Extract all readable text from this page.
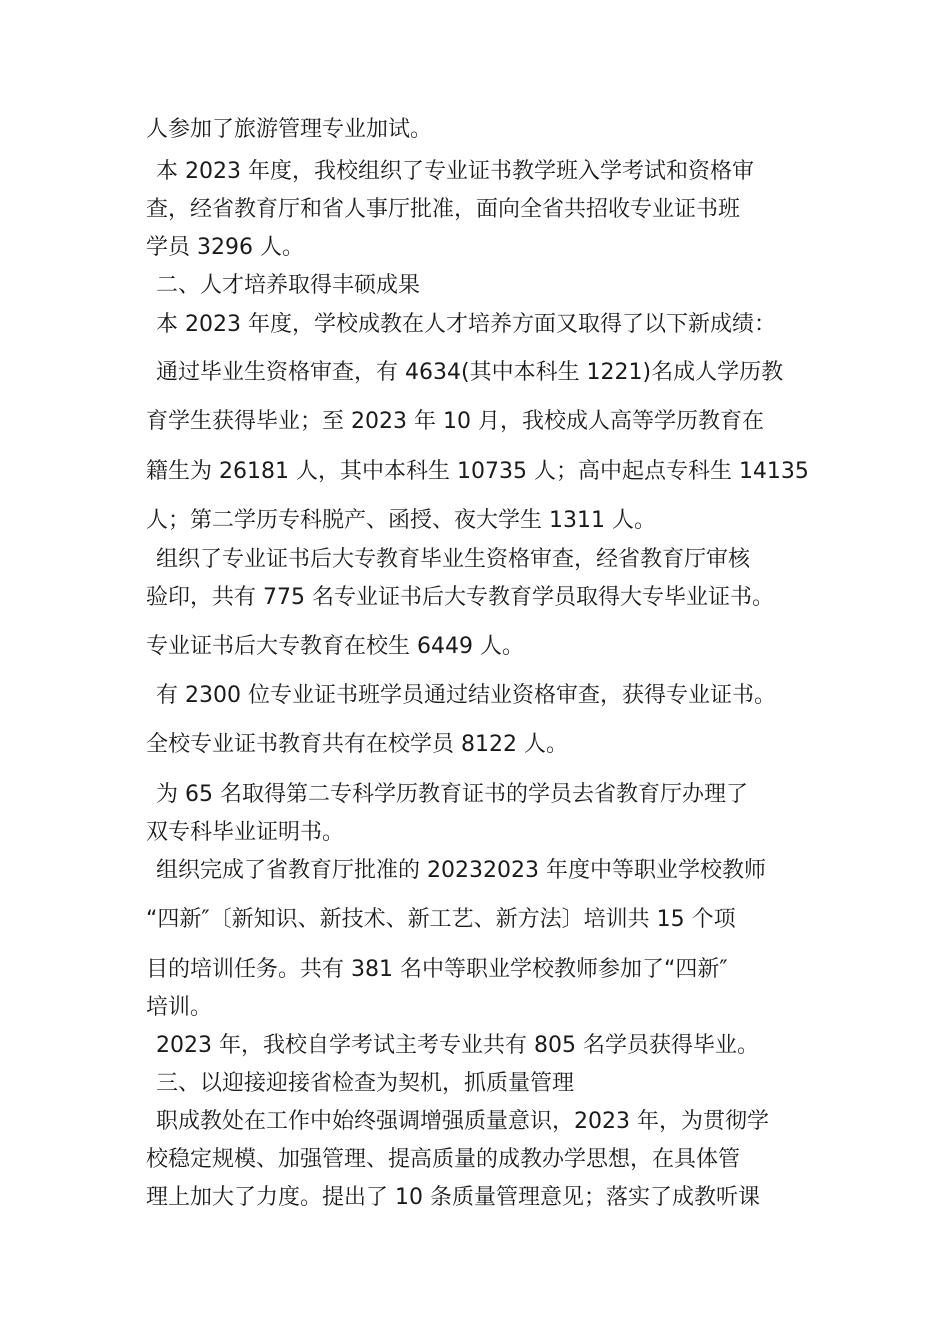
人参加了旅游管理专业加试。
本 2023 年度，我校组织了专业证书教学班入学考试和资格审
查，经省教育厅和省人事厅批准，面向全省共招收专业证书班
学员 3296 人。
二、人才培养取得丰硕成果
本 2023 年度，学校成教在人才培养方面又取得了以下新成绩：
通过毕业生资格审查，有 4634(其中本科生 1221)名成人学历教
育学生获得毕业；至 2023 年 10 月，我校成人高等学历教育在
籍生为 26181 人，其中本科生 10735 人；高中起点专科生 14135
人；第二学历专科脱产、函授、夜大学生 1311 人。
组织了专业证书后大专教育毕业生资格审查，经省教育厅审核
验印，共有 775 名专业证书后大专教育学员取得大专毕业证书。
专业证书后大专教育在校生 6449 人。
有 2300 位专业证书班学员通过结业资格审查，获得专业证书。
全校专业证书教育共有在校学员 8122 人。
为 65 名取得第二专科学历教育证书的学员去省教育厅办理了
双专科毕业证明书。
组织完成了省教育厅批准的 20232023 年度中等职业学校教师
“四新″〔新知识、新技术、新工艺、新方法〕培训共 15 个项
目的培训任务。共有 381 名中等职业学校教师参加了“四新″
培训。
2023 年，我校自学考试主考专业共有 805 名学员获得毕业。
三、以迎接迎接省检查为契机，抓质量管理
职成教处在工作中始终强调增强质量意识，2023 年，为贯彻学
校稳定规模、加强管理、提高质量的成教办学思想，在具体管
理上加大了力度。提出了 10 条质量管理意见；落实了成教听课
